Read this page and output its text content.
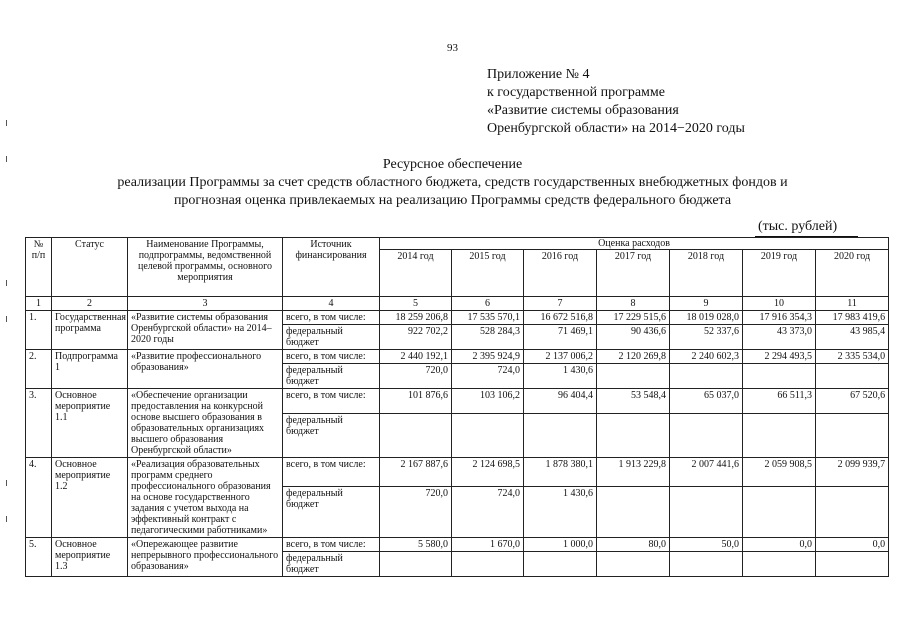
93
Приложение № 4
к государственной программе
«Развитие системы образования
Оренбургской области» на 2014−2020 годы
Ресурсное обеспечение
реализации Программы за счет средств областного бюджета, средств государственных внебюджетных фондов и
прогнозная оценка привлекаемых на реализацию Программы средств федерального бюджета
(тыс. рублей)
№ п/п	Статус	Наименование Программы, подпрограммы, ведомственной целевой программы, основного мероприятия	Источник финансирования	Оценка расходов						
				2014 год	2015 год	2016 год	2017 год	2018 год	2019 год	2020 год
1	2	3	4	5	6	7	8	9	10	11
1.	Государственная программа	«Развитие системы образования Оренбургской области» на 2014–2020 годы	всего, в том числе:	18 259 206,8	17 535 570,1	16 672 516,8	17 229 515,6	18 019 028,0	17 916 354,3	17 983 419,6
			федеральный бюджет	922 702,2	528 284,3	71 469,1	90 436,6	52 337,6	43 373,0	43 985,4
2.	Подпрограмма 1	«Развитие профессионального образования»	всего, в том числе:	2 440 192,1	2 395 924,9	2 137 006,2	2 120 269,8	2 240 602,3	2 294 493,5	2 335 534,0
			федеральный бюджет	720,0	724,0	1 430,6				
3.	Основное мероприятие 1.1	«Обеспечение организации предоставления на конкурсной основе высшего образования в образовательных организациях высшего образования Оренбургской области»	всего, в том числе:	101 876,6	103 106,2	96 404,4	53 548,4	65 037,0	66 511,3	67 520,6
			федеральный бюджет							
4.	Основное мероприятие 1.2	«Реализация образовательных программ среднего профессионального образования на основе государственного задания с учетом выхода на эффективный контракт с педагогическими работниками»	всего, в том числе:	2 167 887,6	2 124 698,5	1 878 380,1	1 913 229,8	2 007 441,6	2 059 908,5	2 099 939,7
			федеральный бюджет	720,0	724,0	1 430,6				
5.	Основное мероприятие 1.3	«Опережающее развитие непрерывного профессионального образования»	всего, в том числе:	5 580,0	1 670,0	1 000,0	80,0	50,0	0,0	0,0
			федеральный бюджет							
